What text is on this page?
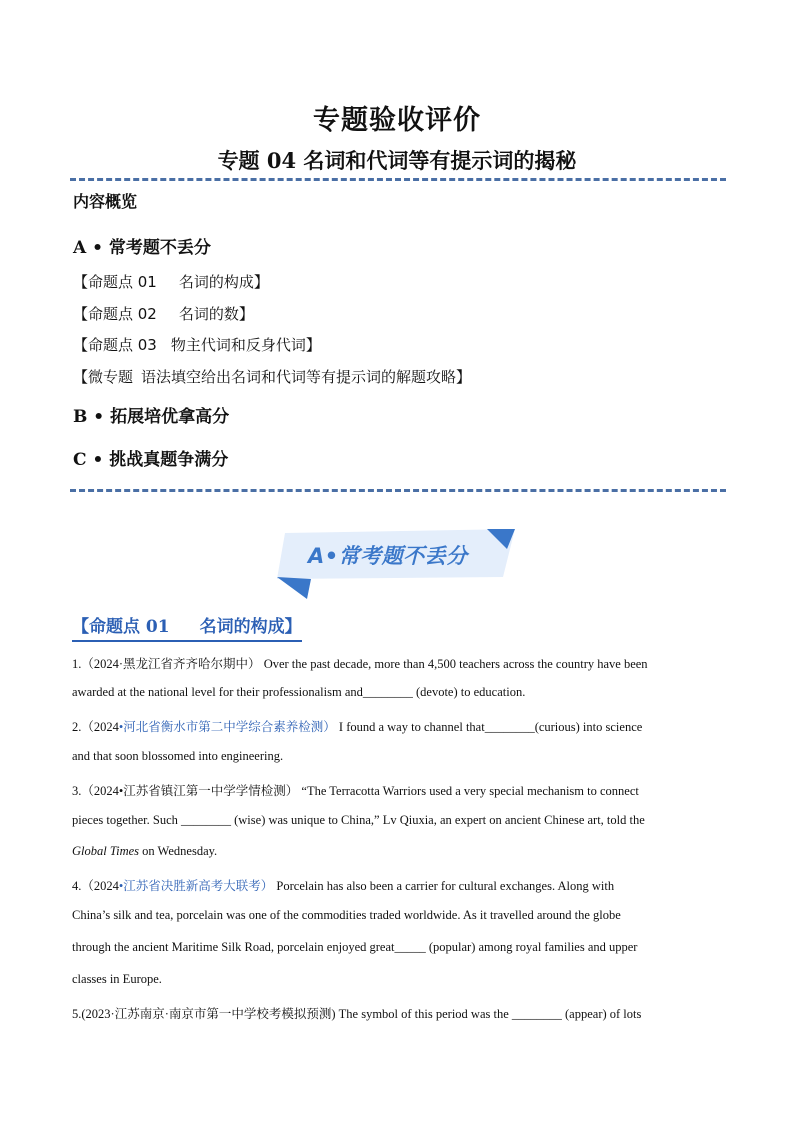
专题验收评价
专题 04 名词和代词等有提示词的揭秘
内容概览
A • 常考题不丢分
【命题点 01 名词的构成】
【命题点 02 名词的数】
【命题点 03 物主代词和反身代词】
【微专题 语法填空给出名词和代词等有提示词的解题攻略】
B • 拓展培优拿高分
C • 挑战真题争满分
A•常考题不丢分
【命题点 01 名词的构成】
1.（2024·黑龙江省齐齐哈尔期中） Over the past decade, more than 4,500 teachers across the country have been
awarded at the national level for their professionalism and________ (devote) to education.
2.（2024•河北省衡水市第二中学综合素养检测） I found a way to channel that________(curious) into science
and that soon blossomed into engineering.
3.（2024•江苏省镇江第一中学学情检测） “The Terracotta Warriors used a very special mechanism to connect
pieces together. Such ________ (wise) was unique to China,” Lv Qiuxia, an expert on ancient Chinese art, told the
Global Times on Wednesday.
4.（2024•江苏省决胜新高考大联考） Porcelain has also been a carrier for cultural exchanges. Along with
China’s silk and tea, porcelain was one of the commodities traded worldwide. As it travelled around the globe
through the ancient Maritime Silk Road, porcelain enjoyed great_____ (popular) among royal families and upper
classes in Europe.
5.(2023·江苏南京·南京市第一中学校考模拟预测) The symbol of this period was the ________ (appear) of lots
